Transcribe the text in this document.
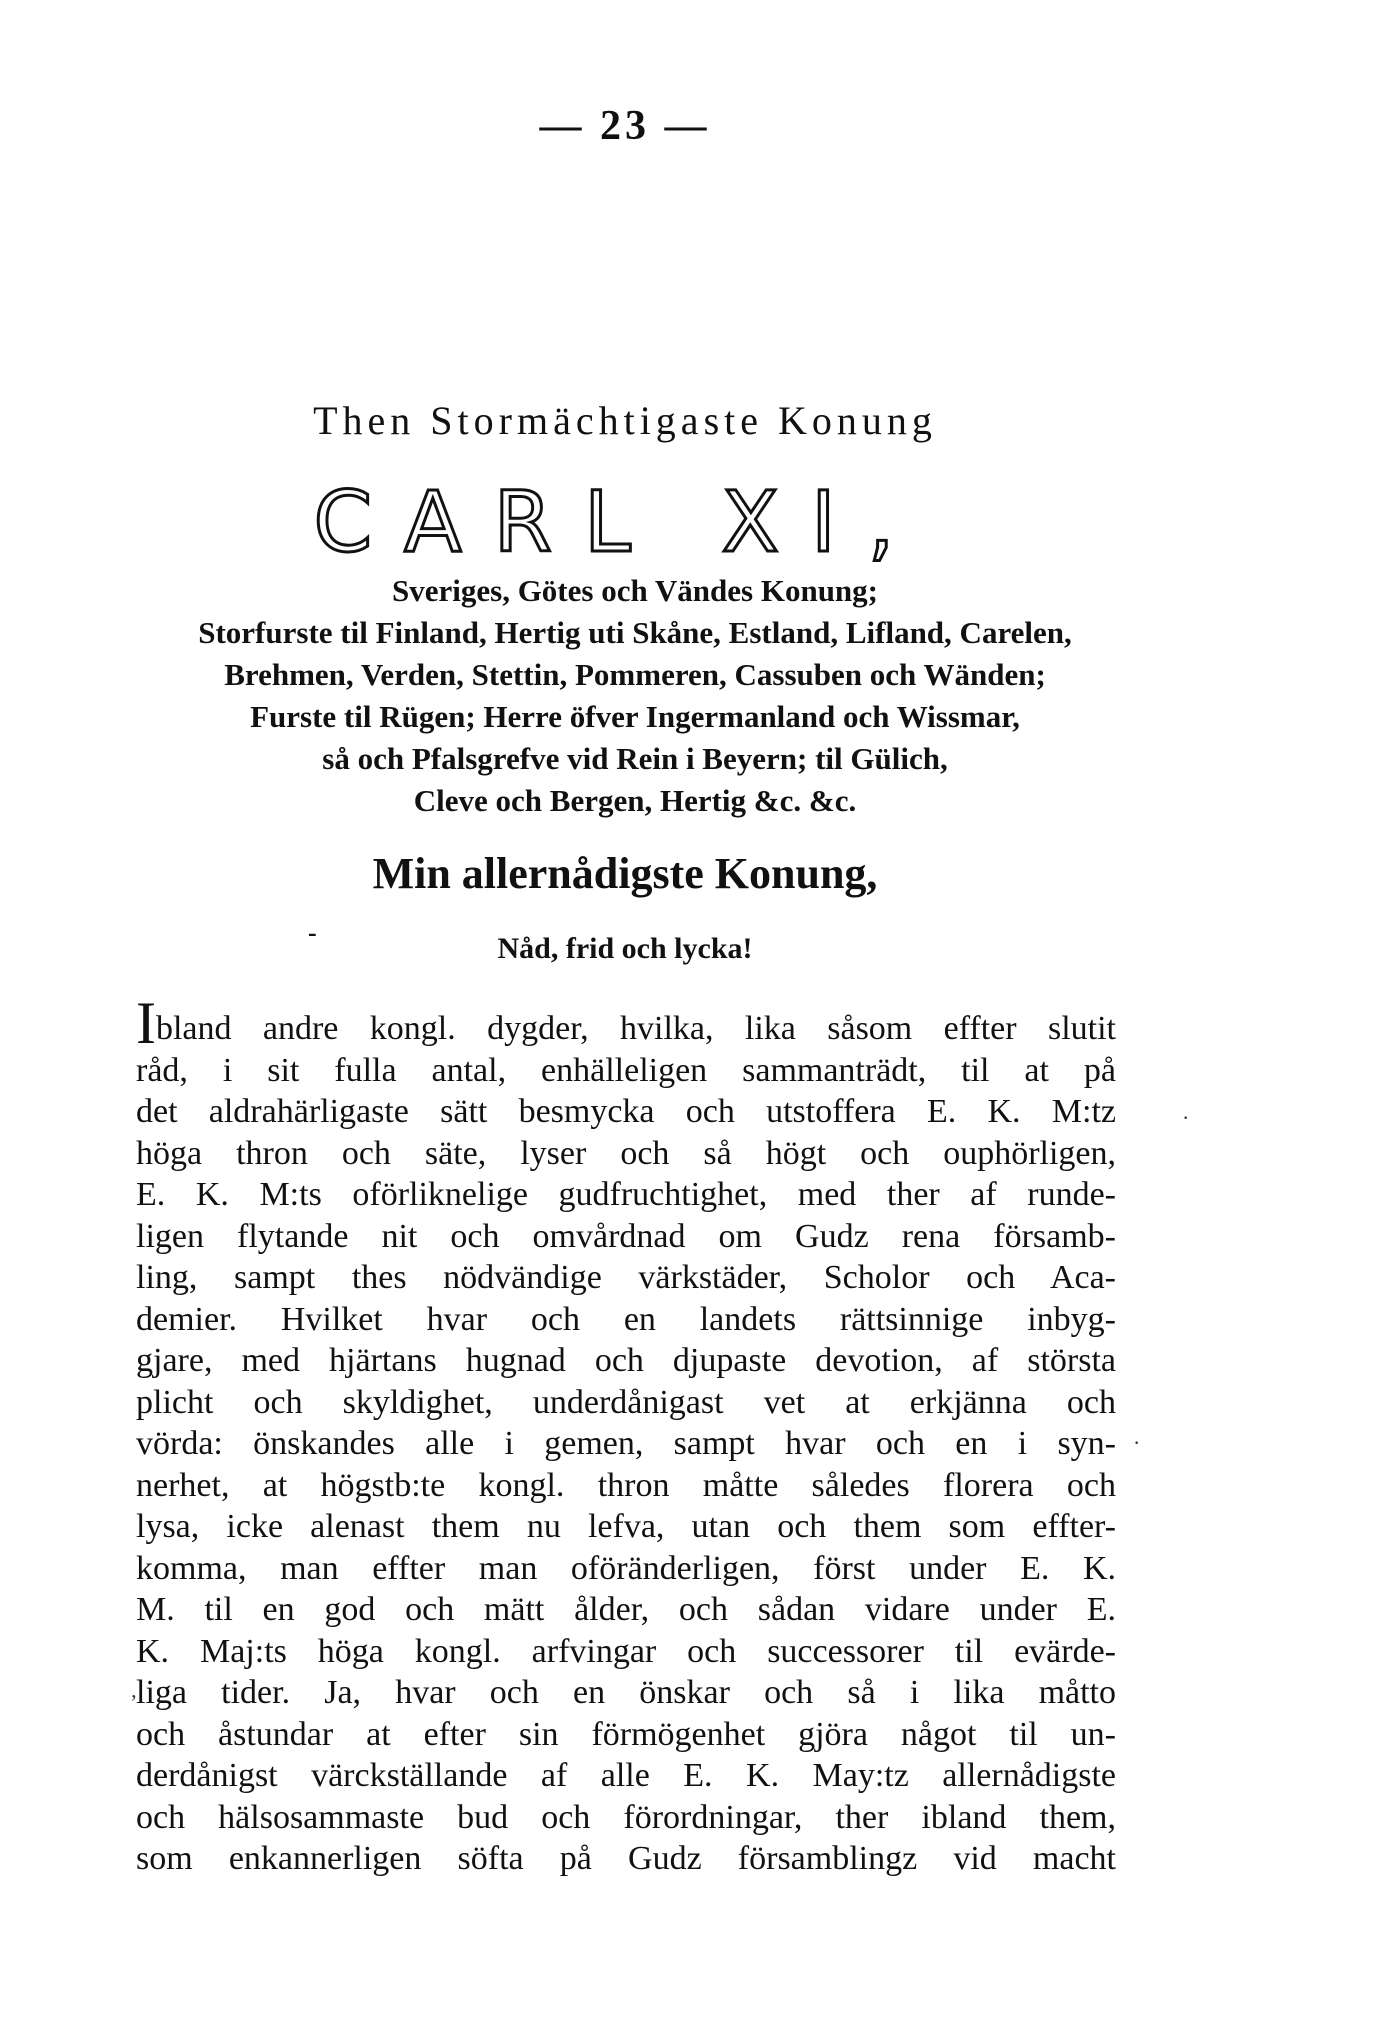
— 23 —
Then Stormächtigaste Konung
CARL XI,
Sveriges, Götes och Vändes Konung;
Storfurste til Finland, Hertig uti Skåne, Estland, Lifland, Carelen,
Brehmen, Verden, Stettin, Pommeren, Cassuben och Wänden;
Furste til Rügen; Herre öfver Ingermanland och Wissmar,
så och Pfalsgrefve vid Rein i Beyern; til Gülich,
Cleve och Bergen, Hertig &c. &c.
Min allernådigste Konung,
-	Nåd, frid och lycka!
I bland andre kongl. dygder, hvilka, lika såsom effter slutit
råd, i sit fulla antal, enhälleligen sammanträdt, til at på
det aldrahärligaste sätt besmycka och utstoffera E. K. M:tz
höga thron och säte, lyser och så högt och ouphörligen,
E. K. M:ts oförliknelige gudfruchtighet, med ther af runde-
ligen flytande nit och omvårdnad om Gudz rena församb-
ling, sampt thes nödvändige värkstäder, Scholor och Aca-
demier. Hvilket hvar och en landets rättsinnige inbyg-
gjare, med hjärtans hugnad och djupaste devotion, af största
plicht och skyldighet, underdånigast vet at erkjänna och
vörda: önskandes alle i gemen, sampt hvar och en i syn-
nerhet, at högstb:te kongl. thron måtte således florera och
lysa, icke alenast them nu lefva, utan och them som effter-
komma, man effter man oföränderligen, först under E. K.
M. til en god och mätt ålder, och sådan vidare under E.
K. Maj:ts höga kongl. arfvingar och successorer til evärde-
liga tider. Ja, hvar och en önskar och så i lika måtto
och åstundar at efter sin förmögenhet gjöra något til un-
derdånigst värckställande af alle E. K. May:tz allernådigste
och hälsosammaste bud och förordningar, ther ibland them,
som enkannerligen söfta på Gudz församblingz vid macht
·
·
ʼ
